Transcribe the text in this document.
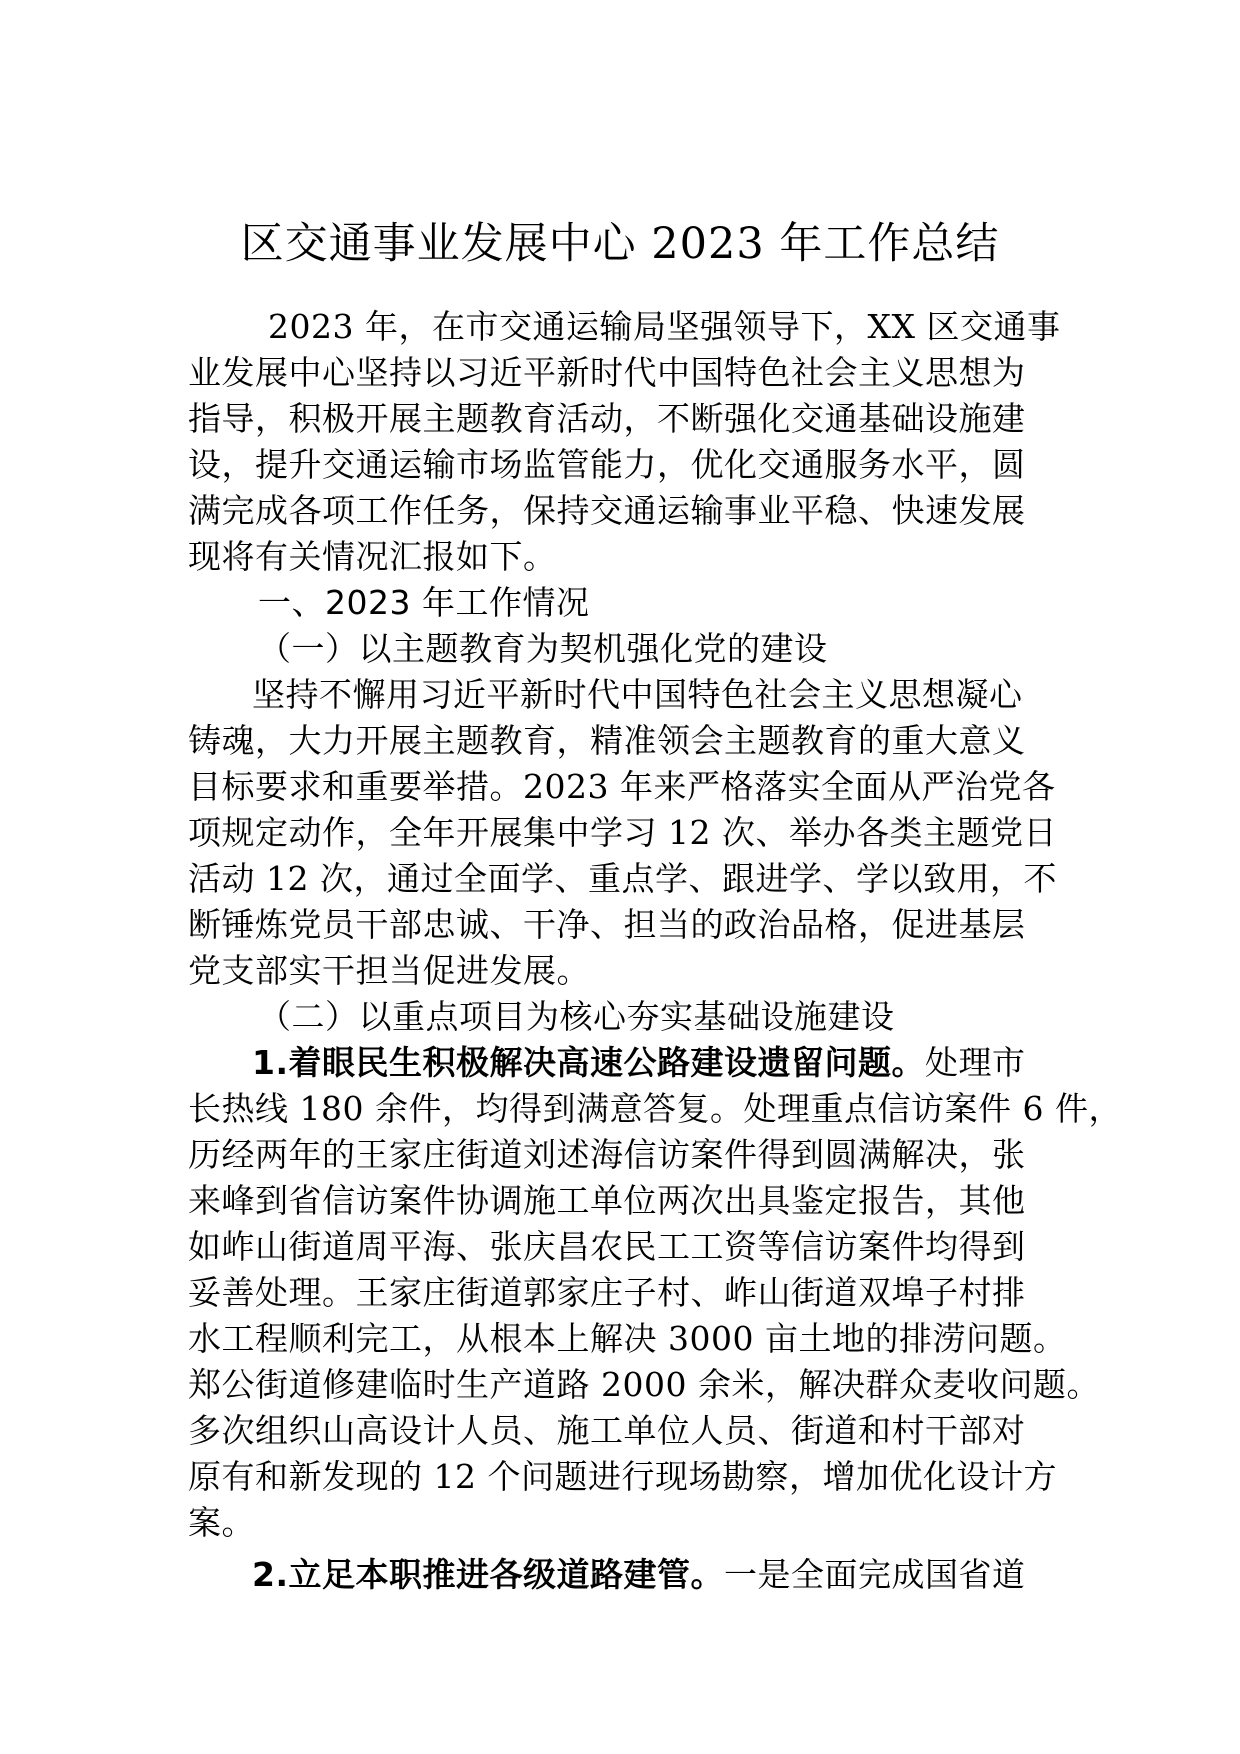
区交通事业发展中心 2023 年工作总结
2023 年，在市交通运输局坚强领导下，XX 区交通事
业发展中心坚持以习近平新时代中国特色社会主义思想为
指导，积极开展主题教育活动，不断强化交通基础设施建
设，提升交通运输市场监管能力，优化交通服务水平，圆
满完成各项工作任务，保持交通运输事业平稳、快速发展
现将有关情况汇报如下。
一、2023 年工作情况
（一）以主题教育为契机强化党的建设
坚持不懈用习近平新时代中国特色社会主义思想凝心
铸魂，大力开展主题教育，精准领会主题教育的重大意义
目标要求和重要举措。2023 年来严格落实全面从严治党各
项规定动作，全年开展集中学习 12 次、举办各类主题党日
活动 12 次，通过全面学、重点学、跟进学、学以致用，不
断锤炼党员干部忠诚、干净、担当的政治品格，促进基层
党支部实干担当促进发展。
（二）以重点项目为核心夯实基础设施建设
1.着眼民生积极解决高速公路建设遗留问题。处理市
长热线 180 余件，均得到满意答复。处理重点信访案件 6 件，
历经两年的王家庄街道刘述海信访案件得到圆满解决，张
来峰到省信访案件协调施工单位两次出具鉴定报告，其他
如岞山街道周平海、张庆昌农民工工资等信访案件均得到
妥善处理。王家庄街道郭家庄子村、岞山街道双埠子村排
水工程顺利完工，从根本上解决 3000 亩土地的排涝问题。
郑公街道修建临时生产道路 2000 余米，解决群众麦收问题。
多次组织山高设计人员、施工单位人员、街道和村干部对
原有和新发现的 12 个问题进行现场勘察，增加优化设计方
案。
2.立足本职推进各级道路建管。一是全面完成国省道
